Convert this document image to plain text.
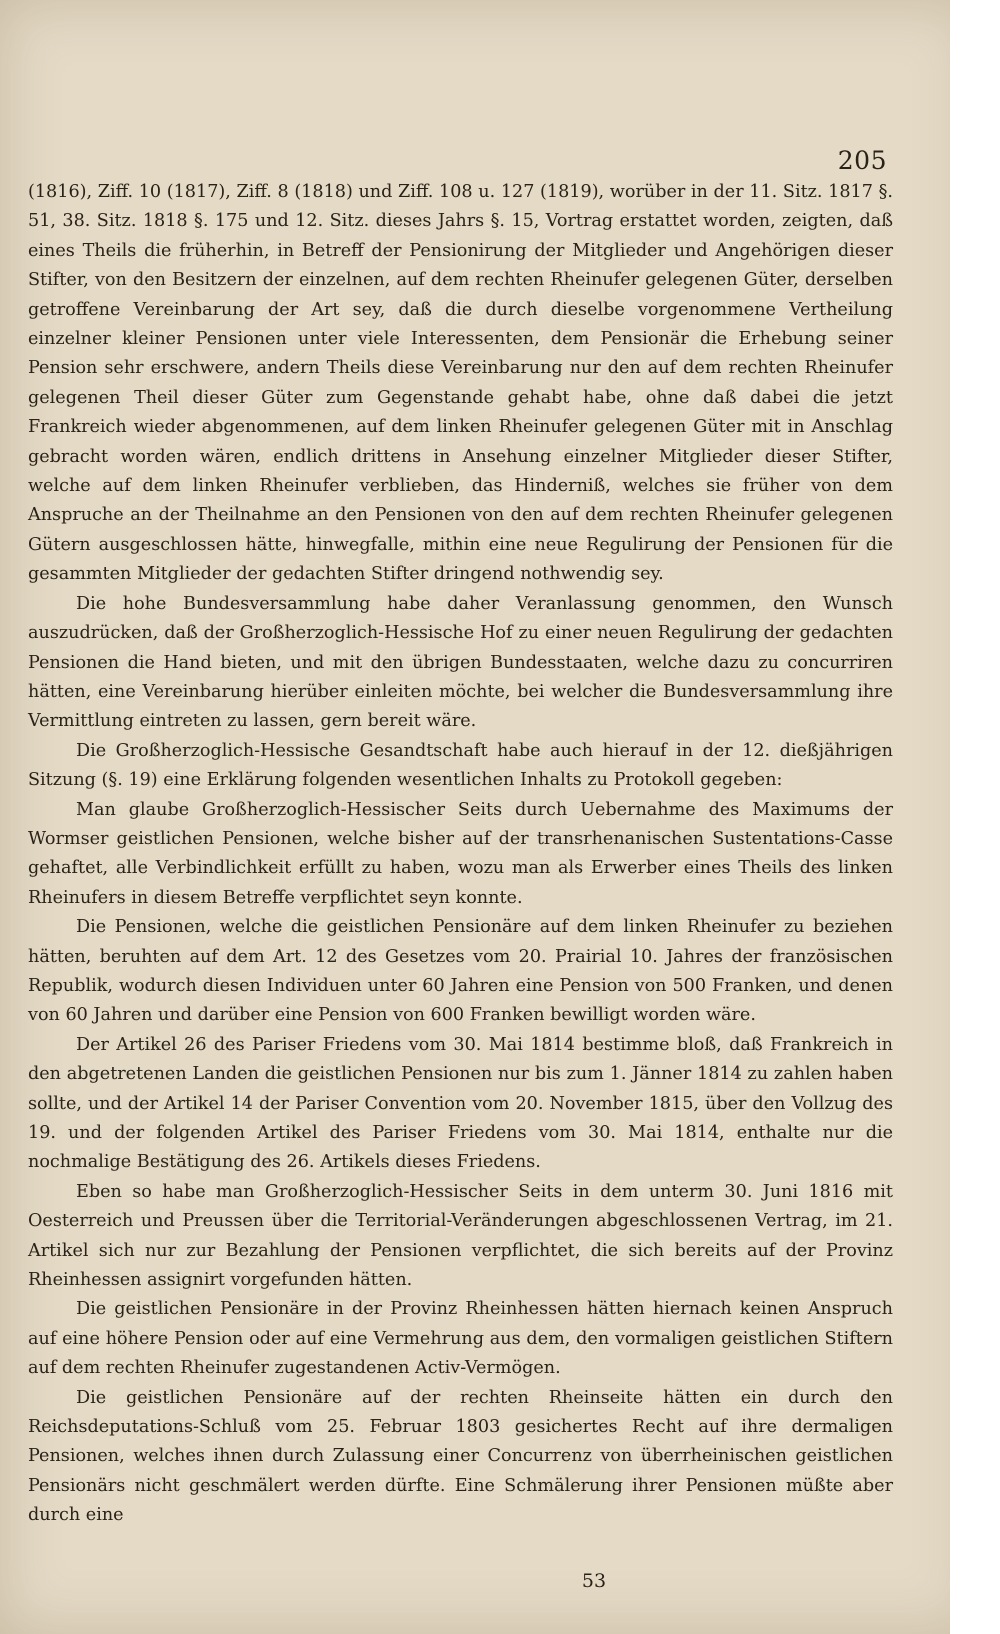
205

(1816), Ziff. 10 (1817), Ziff. 8 (1818) und Ziff. 108 u. 127 (1819), worüber in der 11. Sitz. 1817 §. 51, 38. Sitz. 1818 §. 175 und 12. Sitz. dieses Jahrs §. 15, Vortrag erstattet worden, zeigten, daß eines Theils die früherhin, in Betreff der Pensionirung der Mitglieder und Angehörigen dieser Stifter, von den Besitzern der einzelnen, auf dem rechten Rheinufer gelegenen Güter, derselben getroffene Vereinbarung der Art sey, daß die durch dieselbe vorgenommene Vertheilung einzelner kleiner Pensionen unter viele Interessenten, dem Pensionär die Erhebung seiner Pension sehr erschwere, andern Theils diese Vereinbarung nur den auf dem rechten Rheinufer gelegenen Theil dieser Güter zum Gegenstande gehabt habe, ohne daß dabei die jetzt Frankreich wieder abgenommenen, auf dem linken Rheinufer gelegenen Güter mit in Anschlag gebracht worden wären, endlich drittens in Ansehung einzelner Mitglieder dieser Stifter, welche auf dem linken Rheinufer verblieben, das Hinderniß, welches sie früher von dem Anspruche an der Theilnahme an den Pensionen von den auf dem rechten Rheinufer gelegenen Gütern ausgeschlossen hätte, hinwegfalle, mithin eine neue Regulirung der Pensionen für die gesammten Mitglieder der gedachten Stifter dringend nothwendig sey.

Die hohe Bundesversammlung habe daher Veranlassung genommen, den Wunsch auszudrücken, daß der Großherzoglich-Hessische Hof zu einer neuen Regulirung der gedachten Pensionen die Hand bieten, und mit den übrigen Bundesstaaten, welche dazu zu concurriren hätten, eine Vereinbarung hierüber einleiten möchte, bei welcher die Bundesversammlung ihre Vermittlung eintreten zu lassen, gern bereit wäre.

Die Großherzoglich-Hessische Gesandtschaft habe auch hierauf in der 12. dießjährigen Sitzung (§. 19) eine Erklärung folgenden wesentlichen Inhalts zu Protokoll gegeben:

Man glaube Großherzoglich-Hessischer Seits durch Uebernahme des Maximums der Wormser geistlichen Pensionen, welche bisher auf der transrhenanischen Sustentations-Casse gehaftet, alle Verbindlichkeit erfüllt zu haben, wozu man als Erwerber eines Theils des linken Rheinufers in diesem Betreffe verpflichtet seyn konnte.

Die Pensionen, welche die geistlichen Pensionäre auf dem linken Rheinufer zu beziehen hätten, beruhten auf dem Art. 12 des Gesetzes vom 20. Prairial 10. Jahres der französischen Republik, wodurch diesen Individuen unter 60 Jahren eine Pension von 500 Franken, und denen von 60 Jahren und darüber eine Pension von 600 Franken bewilligt worden wäre.

Der Artikel 26 des Pariser Friedens vom 30. Mai 1814 bestimme bloß, daß Frankreich in den abgetretenen Landen die geistlichen Pensionen nur bis zum 1. Jänner 1814 zu zahlen haben sollte, und der Artikel 14 der Pariser Convention vom 20. November 1815, über den Vollzug des 19. und der folgenden Artikel des Pariser Friedens vom 30. Mai 1814, enthalte nur die nochmalige Bestätigung des 26. Artikels dieses Friedens.

Eben so habe man Großherzoglich-Hessischer Seits in dem unterm 30. Juni 1816 mit Oesterreich und Preussen über die Territorial-Veränderungen abgeschlossenen Vertrag, im 21. Artikel sich nur zur Bezahlung der Pensionen verpflichtet, die sich bereits auf der Provinz Rheinhessen assignirt vorgefunden hätten.

Die geistlichen Pensionäre in der Provinz Rheinhessen hätten hiernach keinen Anspruch auf eine höhere Pension oder auf eine Vermehrung aus dem, den vormaligen geistlichen Stiftern auf dem rechten Rheinufer zugestandenen Activ-Vermögen.

Die geistlichen Pensionäre auf der rechten Rheinseite hätten ein durch den Reichsdeputations-Schluß vom 25. Februar 1803 gesichertes Recht auf ihre dermaligen Pensionen, welches ihnen durch Zulassung einer Concurrenz von überrheinischen geistlichen Pensionärs nicht geschmälert werden dürfte. Eine Schmälerung ihrer Pensionen müßte aber durch eine

53
